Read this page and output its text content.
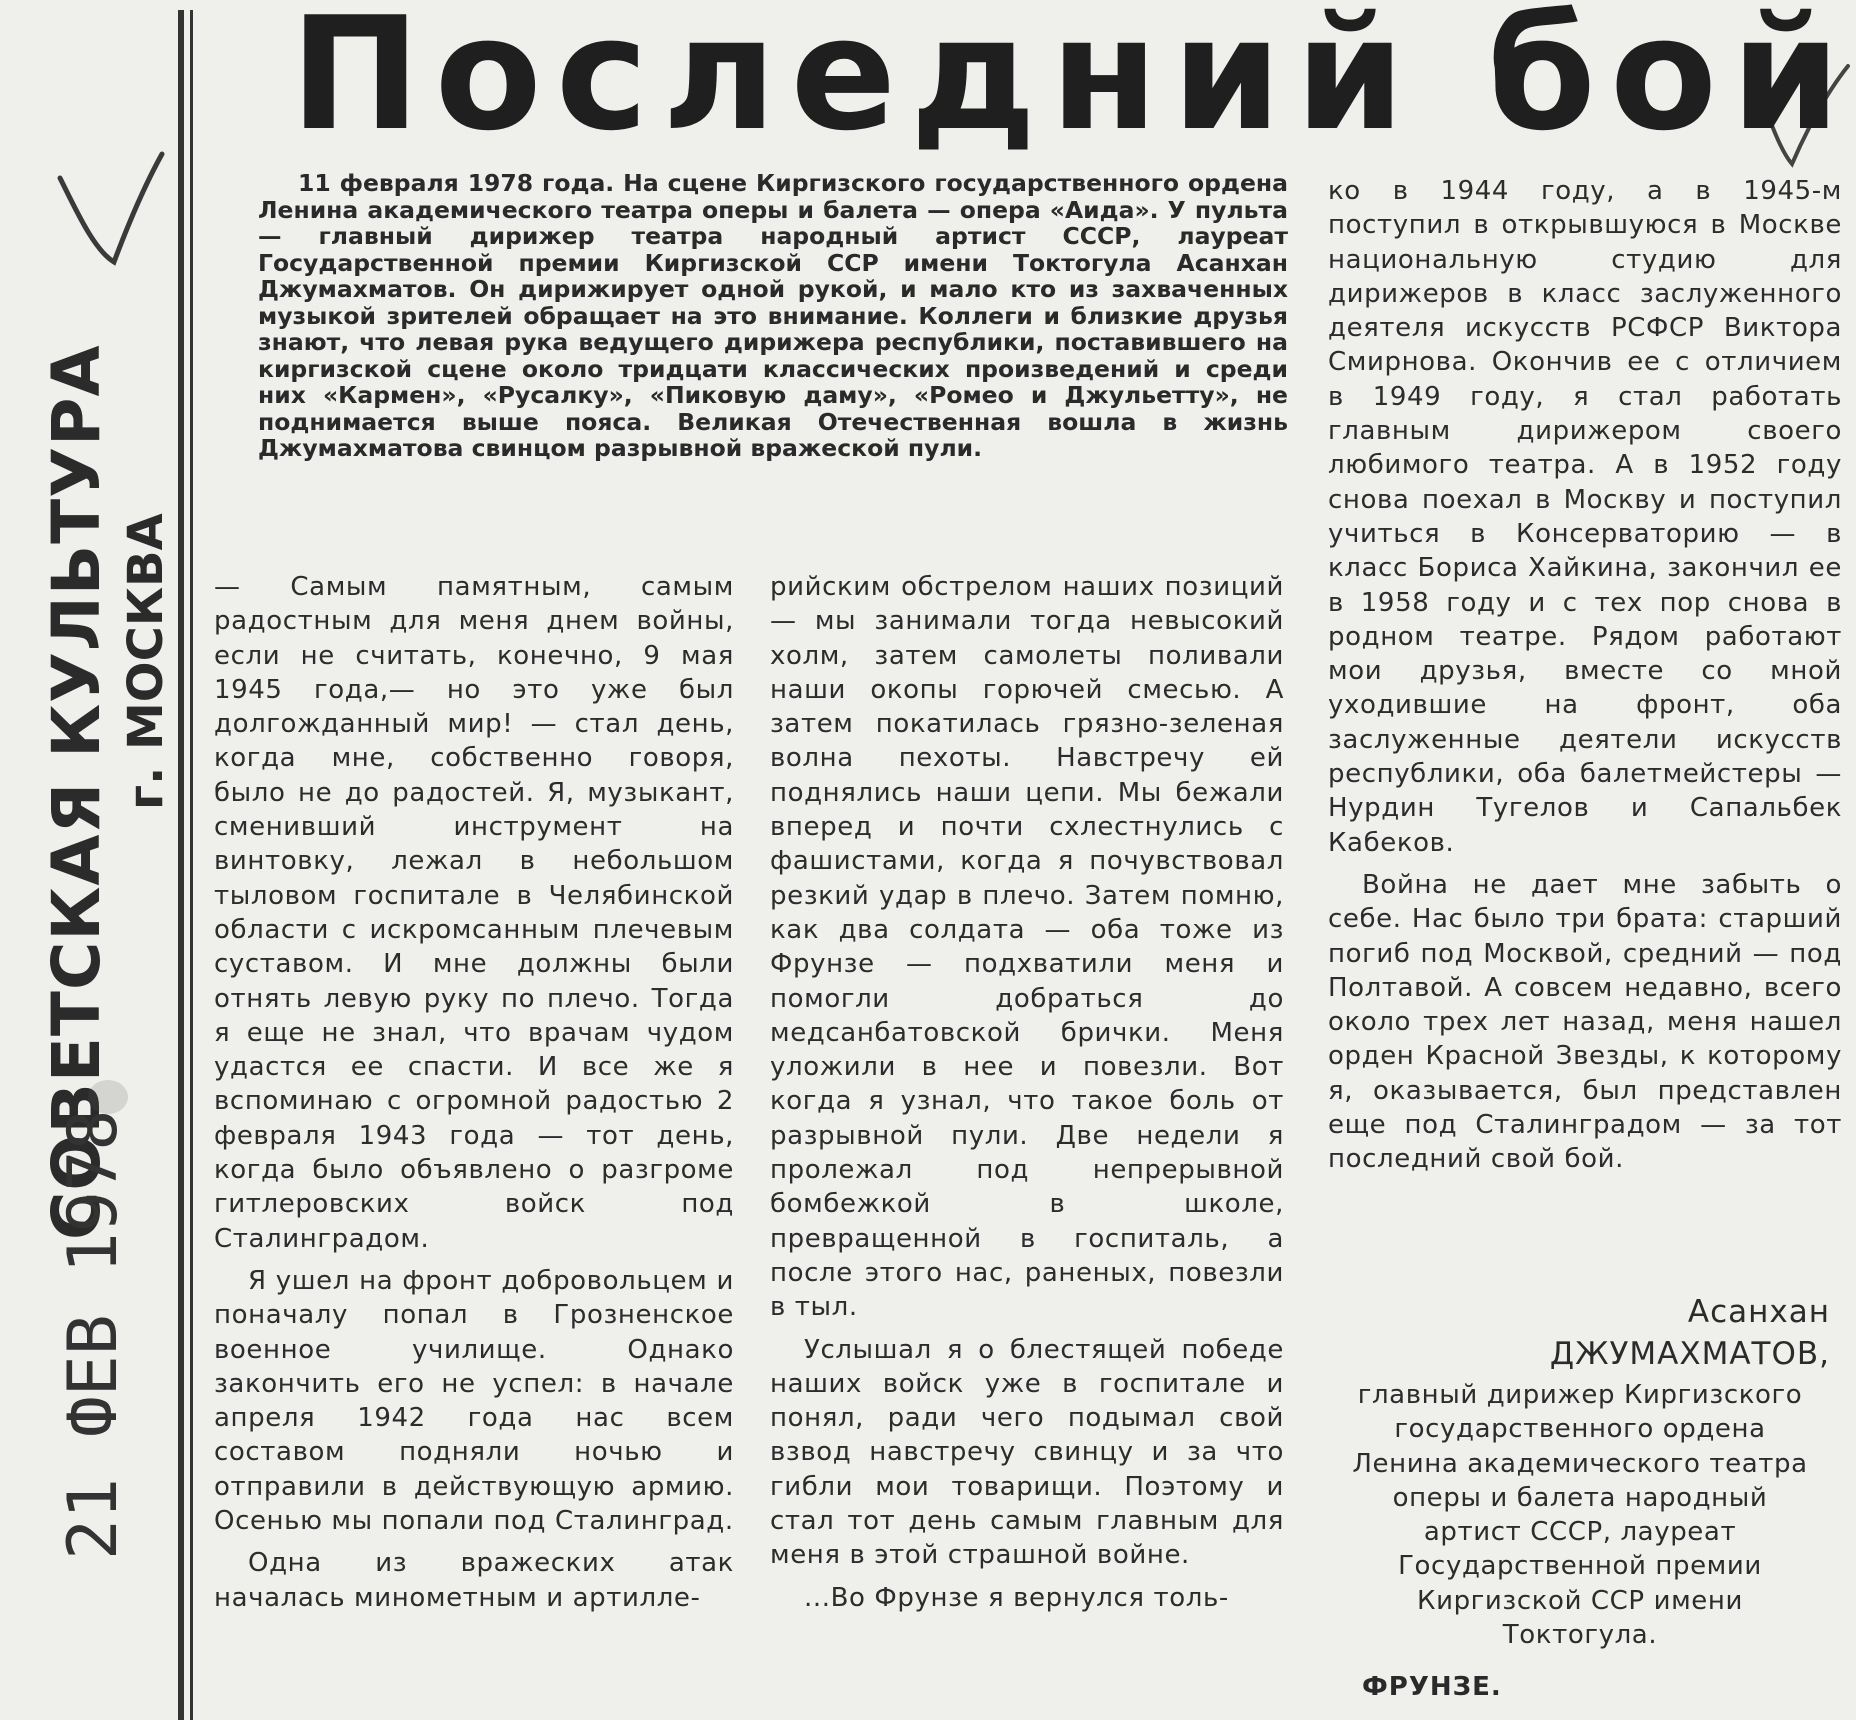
СОВЕТСКАЯ КУЛЬТУРА г. МОСКВА
21 ФЕВ 1978
Последний бой
11 февраля 1978 года. На сцене Киргизского государственного ордена Ленина академического театра оперы и балета — опера «Аида». У пульта — главный дирижер театра народный артист СССР, лауреат Государственной премии Киргизской ССР имени Токтогула Асанхан Джумахматов. Он дирижирует одной рукой, и мало кто из захваченных музыкой зрителей обращает на это внимание. Коллеги и близкие друзья знают, что левая рука ведущего дирижера республики, поставившего на киргизской сцене около тридцати классических произведений и среди них «Кармен», «Русалку», «Пиковую даму», «Ромео и Джульетту», не поднимается выше пояса. Великая Отечественная вошла в жизнь Джумахматова свинцом разрывной вражеской пули.

— Самым памятным, самым радостным для меня днем войны, если не считать, конечно, 9 мая 1945 года,— но это уже был долгожданный мир! — стал день, когда мне, собственно говоря, было не до радостей. Я, музыкант, сменивший инструмент на винтовку, лежал в небольшом тыловом госпитале в Челябинской области с искромсанным плечевым суставом. И мне должны были отнять левую руку по плечо. Тогда я еще не знал, что врачам чудом удастся ее спасти. И все же я вспоминаю с огромной радостью 2 февраля 1943 года — тот день, когда было объявлено о разгроме гитлеровских войск под Сталинградом.

Я ушел на фронт добровольцем и поначалу попал в Грозненское военное училище. Однако закончить его не успел: в начале апреля 1942 года нас всем составом подняли ночью и отправили в действующую армию. Осенью мы попали под Сталинград.

Одна из вражеских атак началась минометным и артилле-

рийским обстрелом наших позиций — мы занимали тогда невысокий холм, затем самолеты поливали наши окопы горючей смесью. А затем покатилась грязно-зеленая волна пехоты. Навстречу ей поднялись наши цепи. Мы бежали вперед и почти схлестнулись с фашистами, когда я почувствовал резкий удар в плечо. Затем помню, как два солдата — оба тоже из Фрунзе — подхватили меня и помогли добраться до медсанбатовской брички. Меня уложили в нее и повезли. Вот когда я узнал, что такое боль от разрывной пули. Две недели я пролежал под непрерывной бомбежкой в школе, превращенной в госпиталь, а после этого нас, раненых, повезли в тыл.

Услышал я о блестящей победе наших войск уже в госпитале и понял, ради чего подымал свой взвод навстречу свинцу и за что гибли мои товарищи. Поэтому и стал тот день самым главным для меня в этой страшной войне.

...Во Фрунзе я вернулся толь-

ко в 1944 году, а в 1945-м поступил в открывшуюся в Москве национальную студию для дирижеров в класс заслуженного деятеля искусств РСФСР Виктора Смирнова. Окончив ее с отличием в 1949 году, я стал работать главным дирижером своего любимого театра. А в 1952 году снова поехал в Москву и поступил учиться в Консерваторию — в класс Бориса Хайкина, закончил ее в 1958 году и с тех пор снова в родном театре. Рядом работают мои друзья, вместе со мной уходившие на фронт, оба заслуженные деятели искусств республики, оба балетмейстеры — Нурдин Тугелов и Сапальбек Кабеков.

Война не дает мне забыть о себе. Нас было три брата: старший погиб под Москвой, средний — под Полтавой. А совсем недавно, всего около трех лет назад, меня нашел орден Красной Звезды, к которому я, оказывается, был представлен еще под Сталинградом — за тот последний свой бой.

Асанхан
ДЖУМАХМАТОВ,
главный дирижер Киргизского государственного ордена Ленина академического театра оперы и балета народный артист СССР, лауреат Государственной премии Киргизской ССР имени Токтогула.
ФРУНЗЕ.
